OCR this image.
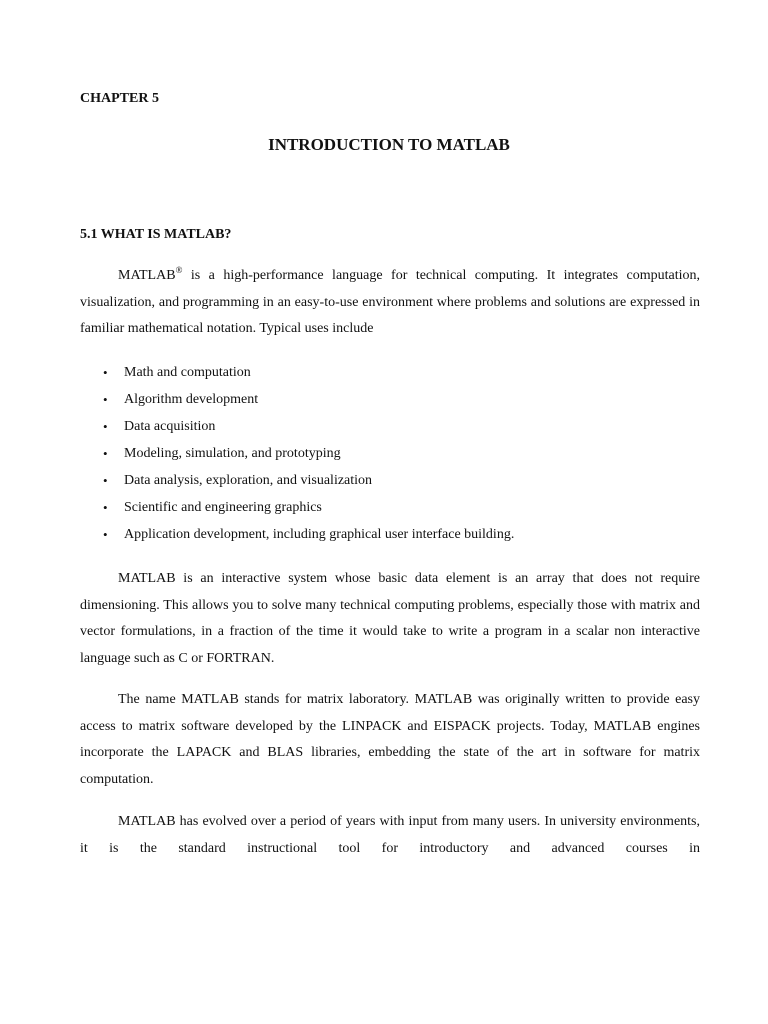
CHAPTER 5

INTRODUCTION TO MATLAB
5.1 WHAT IS MATLAB?

MATLAB® is a high-performance language for technical computing. It integrates computation, visualization, and programming in an easy-to-use environment where problems and solutions are expressed in familiar mathematical notation. Typical uses include

• Math and computation
• Algorithm development
• Data acquisition
• Modeling, simulation, and prototyping
• Data analysis, exploration, and visualization
• Scientific and engineering graphics
• Application development, including graphical user interface building.

MATLAB is an interactive system whose basic data element is an array that does not require dimensioning. This allows you to solve many technical computing problems, especially those with matrix and vector formulations, in a fraction of the time it would take to write a program in a scalar non interactive language such as C or FORTRAN.

The name MATLAB stands for matrix laboratory. MATLAB was originally written to provide easy access to matrix software developed by the LINPACK and EISPACK projects. Today, MATLAB engines incorporate the LAPACK and BLAS libraries, embedding the state of the art in software for matrix computation.

MATLAB has evolved over a period of years with input from many users. In university environments, it is the standard instructional tool for introductory and advanced courses in
